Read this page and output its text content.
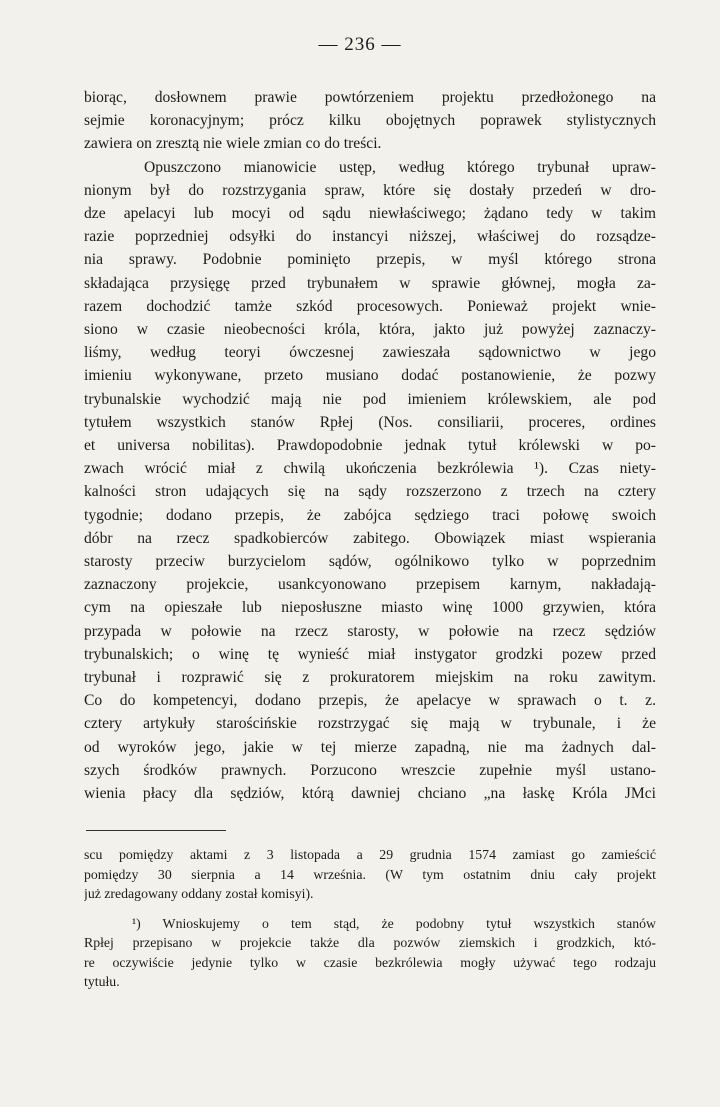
— 236 —
biorąc, dosłownem prawie powtórzeniem projektu przedłożonego na
sejmie koronacyjnym; prócz kilku obojętnych poprawek stylistycznych
zawiera on zresztą nie wiele zmian co do treści.
Opuszczono mianowicie ustęp, według którego trybunał upraw-
nionym był do rozstrzygania spraw, które się dostały przedeń w dro-
dze apelacyi lub mocyi od sądu niewłaściwego; żądano tedy w takim
razie poprzedniej odsyłki do instancyi niższej, właściwej do rozsądze-
nia sprawy. Podobnie pominięto przepis, w myśl którego strona
składająca przysięgę przed trybunałem w sprawie głównej, mogła za-
razem dochodzić tamże szkód procesowych. Ponieważ projekt wnie-
siono w czasie nieobecności króla, która, jakto już powyżej zaznaczy-
liśmy, według teoryi ówczesnej zawieszała sądownictwo w jego
imieniu wykonywane, przeto musiano dodać postanowienie, że pozwy
trybunalskie wychodzić mają nie pod imieniem królewskiem, ale pod
tytułem wszystkich stanów Rpłej (Nos. consiliarii, proceres, ordines
et universa nobilitas). Prawdopodobnie jednak tytuł królewski w po-
zwach wrócić miał z chwilą ukończenia bezkrólewia ¹). Czas nietу-
kalności stron udających się na sądy rozszerzono z trzech na cztery
tygodnie; dodano przepis, że zabójca sędziego traci połowę swoich
dóbr na rzecz spadkobierców zabitego. Obowiązek miast wspierania
starosty przeciw burzycielom sądów, ogólnikowo tylko w poprzednim
zaznaczony projekcie, usankcyonowano przepisem karnym, nakładają-
cym na opieszałe lub nieposłuszne miasto winę 1000 grzywien, która
przypada w połowie na rzecz starosty, w połowie na rzecz sędziów
trybunalskich; o winę tę wynieść miał instygator grodzki pozew przed
trybunał i rozprawić się z prokuratorem miejskim na roku zawitym.
Co do kompetencyi, dodano przepis, że apelacye w sprawach o t. z.
cztery artykuły starościńskie rozstrzygać się mają w trybunale, i że
od wyroków jego, jakie w tej mierze zapadną, nie ma żadnych dal-
szych środków prawnych. Porzucono wreszcie zupełnie myśl ustano-
wienia płacy dla sędziów, którą dawniej chciano „na łaskę Króla JMci
scu pomiędzy aktami z 3 listopada a 29 grudnia 1574 zamiast go zamieścić
pomiędzy 30 sierpnia a 14 września. (W tym ostatnim dniu cały projekt
już zredagowany oddany został komisyi).
¹) Wnioskujemy o tem stąd, że podobny tytuł wszystkich stanów
Rpłej przepisano w projekcie także dla pozwów ziemskich i grodzkich, któ-
re oczywiście jedynie tylko w czasie bezkrólewia mogły używać tego rodzaju
tytułu.
